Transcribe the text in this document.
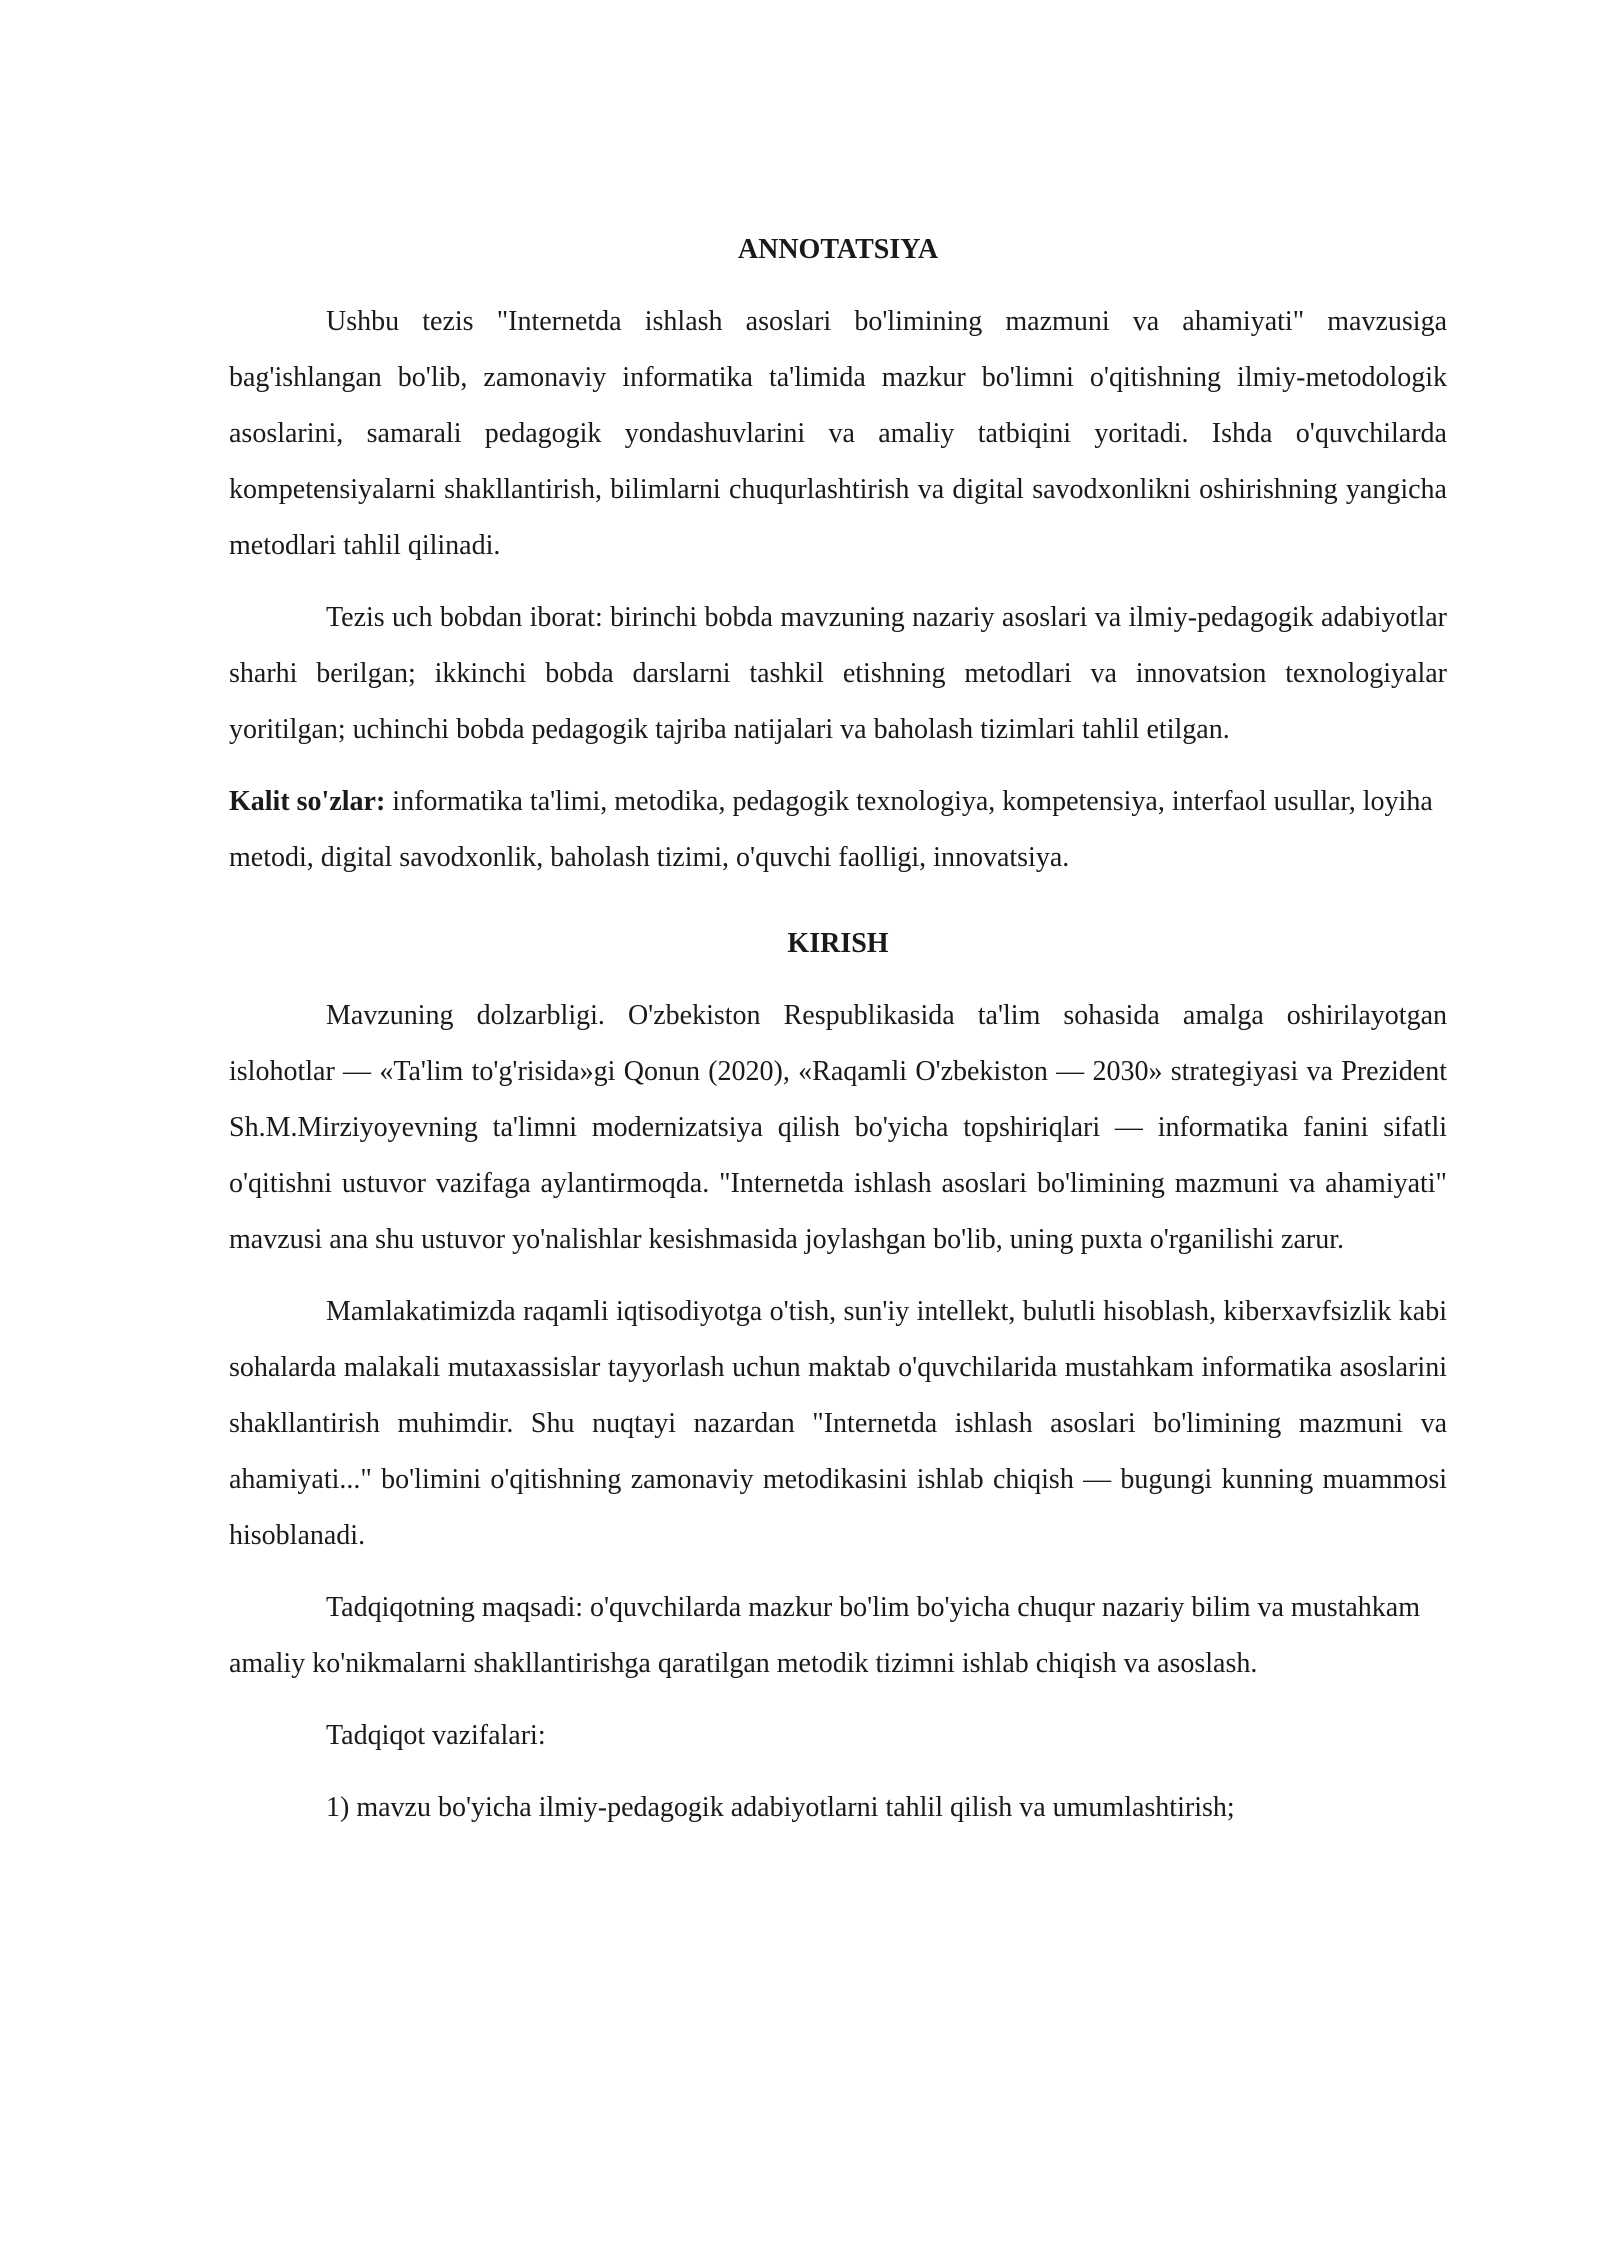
ANNOTATSIYA

Ushbu tezis "Internetda ishlash asoslari bo'limining mazmuni va ahamiyati" mavzusiga bag'ishlangan bo'lib, zamonaviy informatika ta'limida mazkur bo'limni o'qitishning ilmiy-metodologik asoslarini, samarali pedagogik yondashuvlarini va amaliy tatbiqini yoritadi. Ishda o'quvchilarda kompetensiyalarni shakllantirish, bilimlarni chuqurlashtirish va digital savodxonlikni oshirishning yangicha metodlari tahlil qilinadi.

Tezis uch bobdan iborat: birinchi bobda mavzuning nazariy asoslari va ilmiy-pedagogik adabiyotlar sharhi berilgan; ikkinchi bobda darslarni tashkil etishning metodlari va innovatsion texnologiyalar yoritilgan; uchinchi bobda pedagogik tajriba natijalari va baholash tizimlari tahlil etilgan.

Kalit so'zlar: informatika ta'limi, metodika, pedagogik texnologiya, kompetensiya, interfaol usullar, loyiha metodi, digital savodxonlik, baholash tizimi, o'quvchi faolligi, innovatsiya.

KIRISH

Mavzuning dolzarbligi. O'zbekiston Respublikasida ta'lim sohasida amalga oshirilayotgan islohotlar — «Ta'lim to'g'risida»gi Qonun (2020), «Raqamli O'zbekiston — 2030» strategiyasi va Prezident Sh.M.Mirziyoyevning ta'limni modernizatsiya qilish bo'yicha topshiriqlari — informatika fanini sifatli o'qitishni ustuvor vazifaga aylantirmoqda. "Internetda ishlash asoslari bo'limining mazmuni va ahamiyati" mavzusi ana shu ustuvor yo'nalishlar kesishmasida joylashgan bo'lib, uning puxta o'rganilishi zarur.

Mamlakatimizda raqamli iqtisodiyotga o'tish, sun'iy intellekt, bulutli hisoblash, kiberxavfsizlik kabi sohalarda malakali mutaxassislar tayyorlash uchun maktab o'quvchilarida mustahkam informatika asoslarini shakllantirish muhimdir. Shu nuqtayi nazardan "Internetda ishlash asoslari bo'limining mazmuni va ahamiyati..." bo'limini o'qitishning zamonaviy metodikasini ishlab chiqish — bugungi kunning muammosi hisoblanadi.

Tadqiqotning maqsadi: o'quvchilarda mazkur bo'lim bo'yicha chuqur nazariy bilim va mustahkam amaliy ko'nikmalarni shakllantirishga qaratilgan metodik tizimni ishlab chiqish va asoslash.

Tadqiqot vazifalari:

1) mavzu bo'yicha ilmiy-pedagogik adabiyotlarni tahlil qilish va umumlashtirish;
